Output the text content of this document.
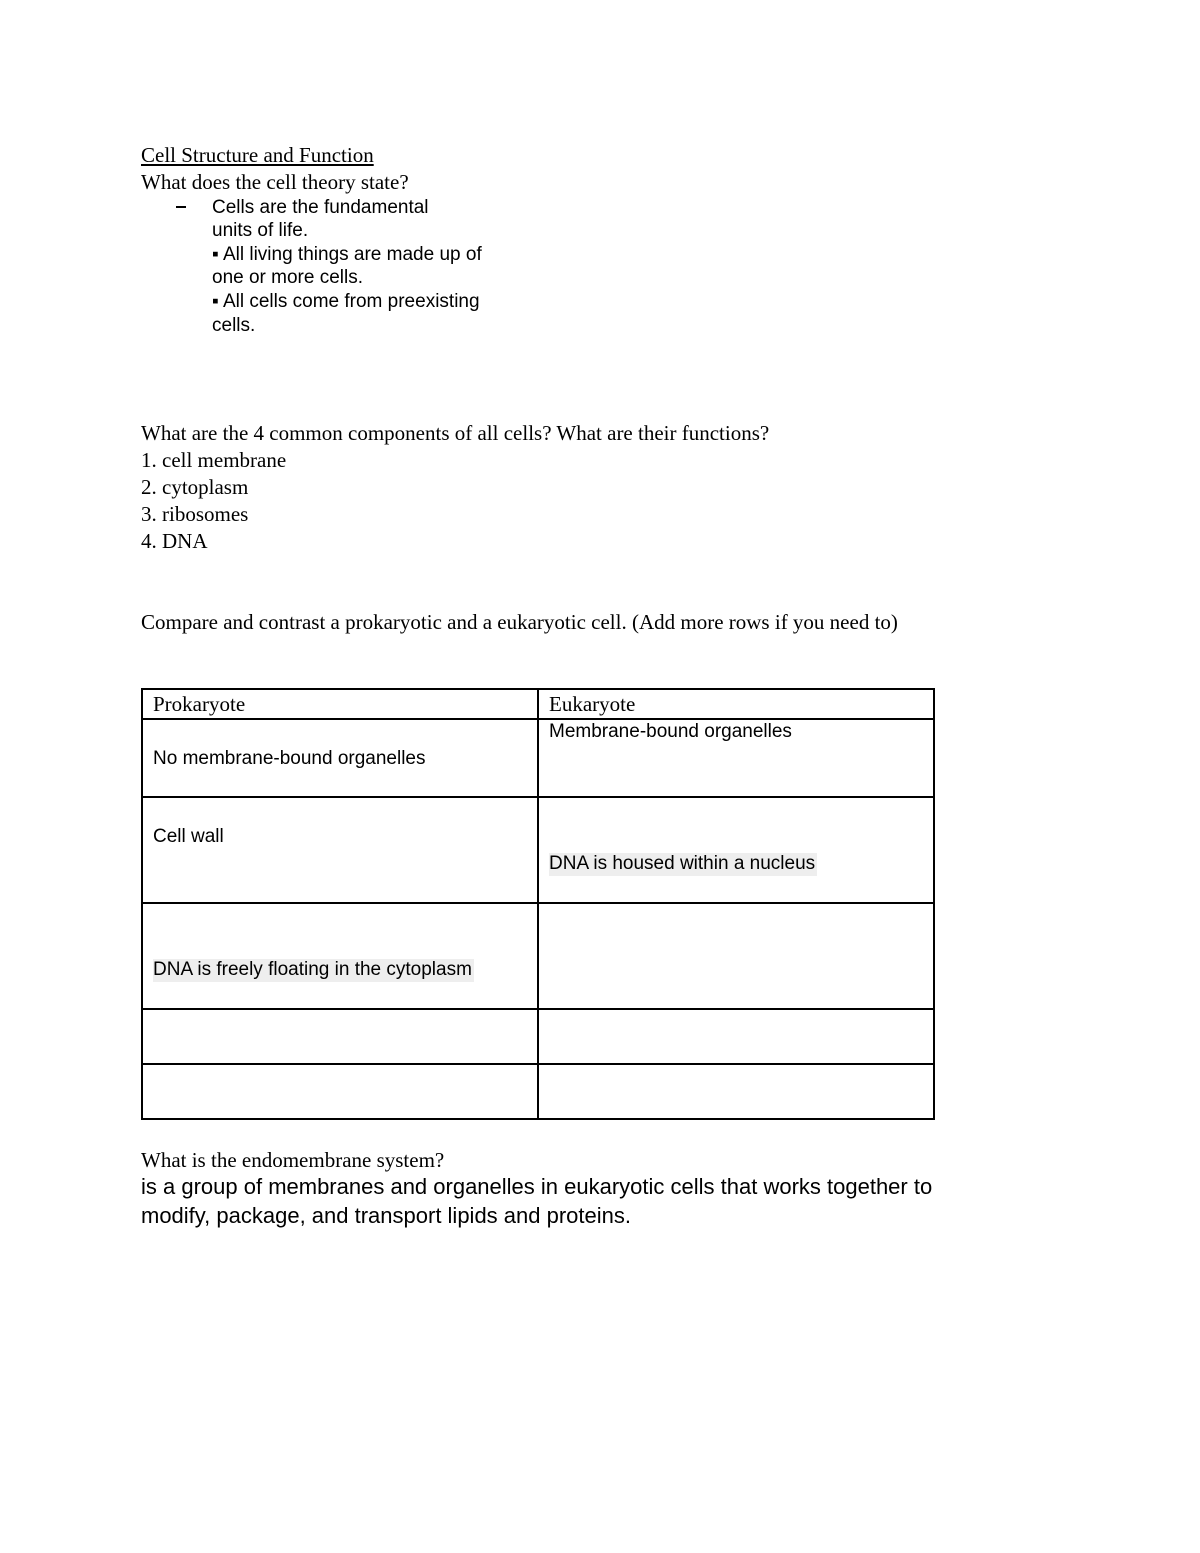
Cell Structure and Function
What does the cell theory state?
Cells are the fundamental
units of life.
▪ All living things are made up of
one or more cells.
▪ All cells come from preexisting
cells.
What are the 4 common components of all cells? What are their functions?
1. cell membrane
2. cytoplasm
3. ribosomes
4. DNA
Compare and contrast a prokaryotic and a eukaryotic cell. (Add more rows if you need to)
Prokaryote	Eukaryote

No membrane-bound organelles	Membrane-bound organelles

Cell wall	DNA is housed within a nucleus

DNA is freely floating in the cytoplasm	

What is the endomembrane system?
is a group of membranes and organelles in eukaryotic cells that works together to
modify, package, and transport lipids and proteins.
